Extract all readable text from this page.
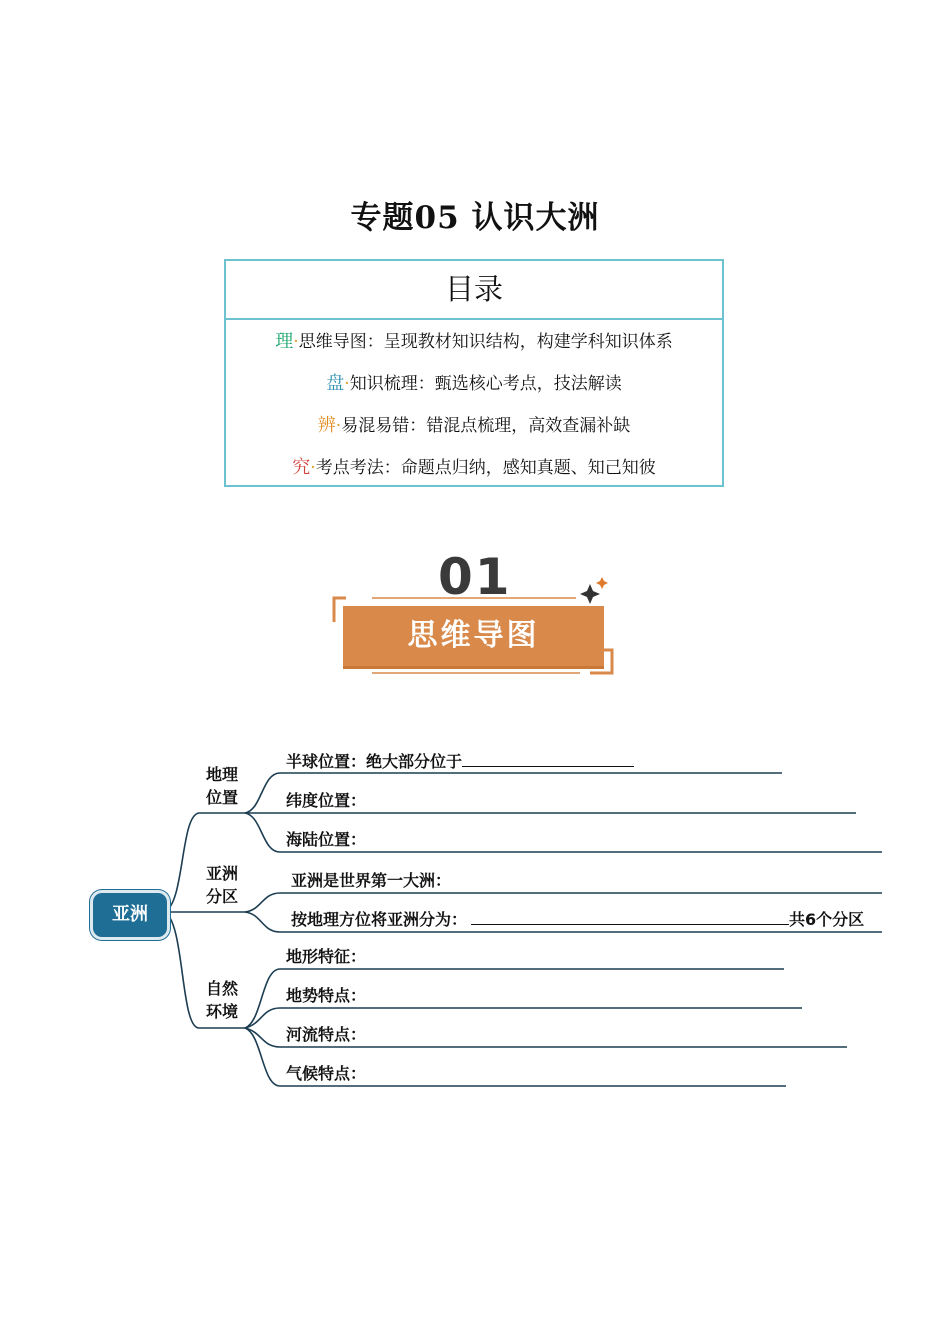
专题05 认识大洲
目录
理·思维导图：呈现教材知识结构，构建学科知识体系
盘·知识梳理：甄选核心考点，技法解读
辨·易混易错：错混点梳理，高效查漏补缺
究·考点考法：命题点归纳，感知真题、知己知彼
01
思维导图
亚洲
地理
位置
亚洲
分区
自然
环境
半球位置：绝大部分位于
纬度位置：
海陆位置：
亚洲是世界第一大洲：
按地理方位将亚洲分为：	共6个分区
地形特征：
地势特点：
河流特点：
气候特点：
